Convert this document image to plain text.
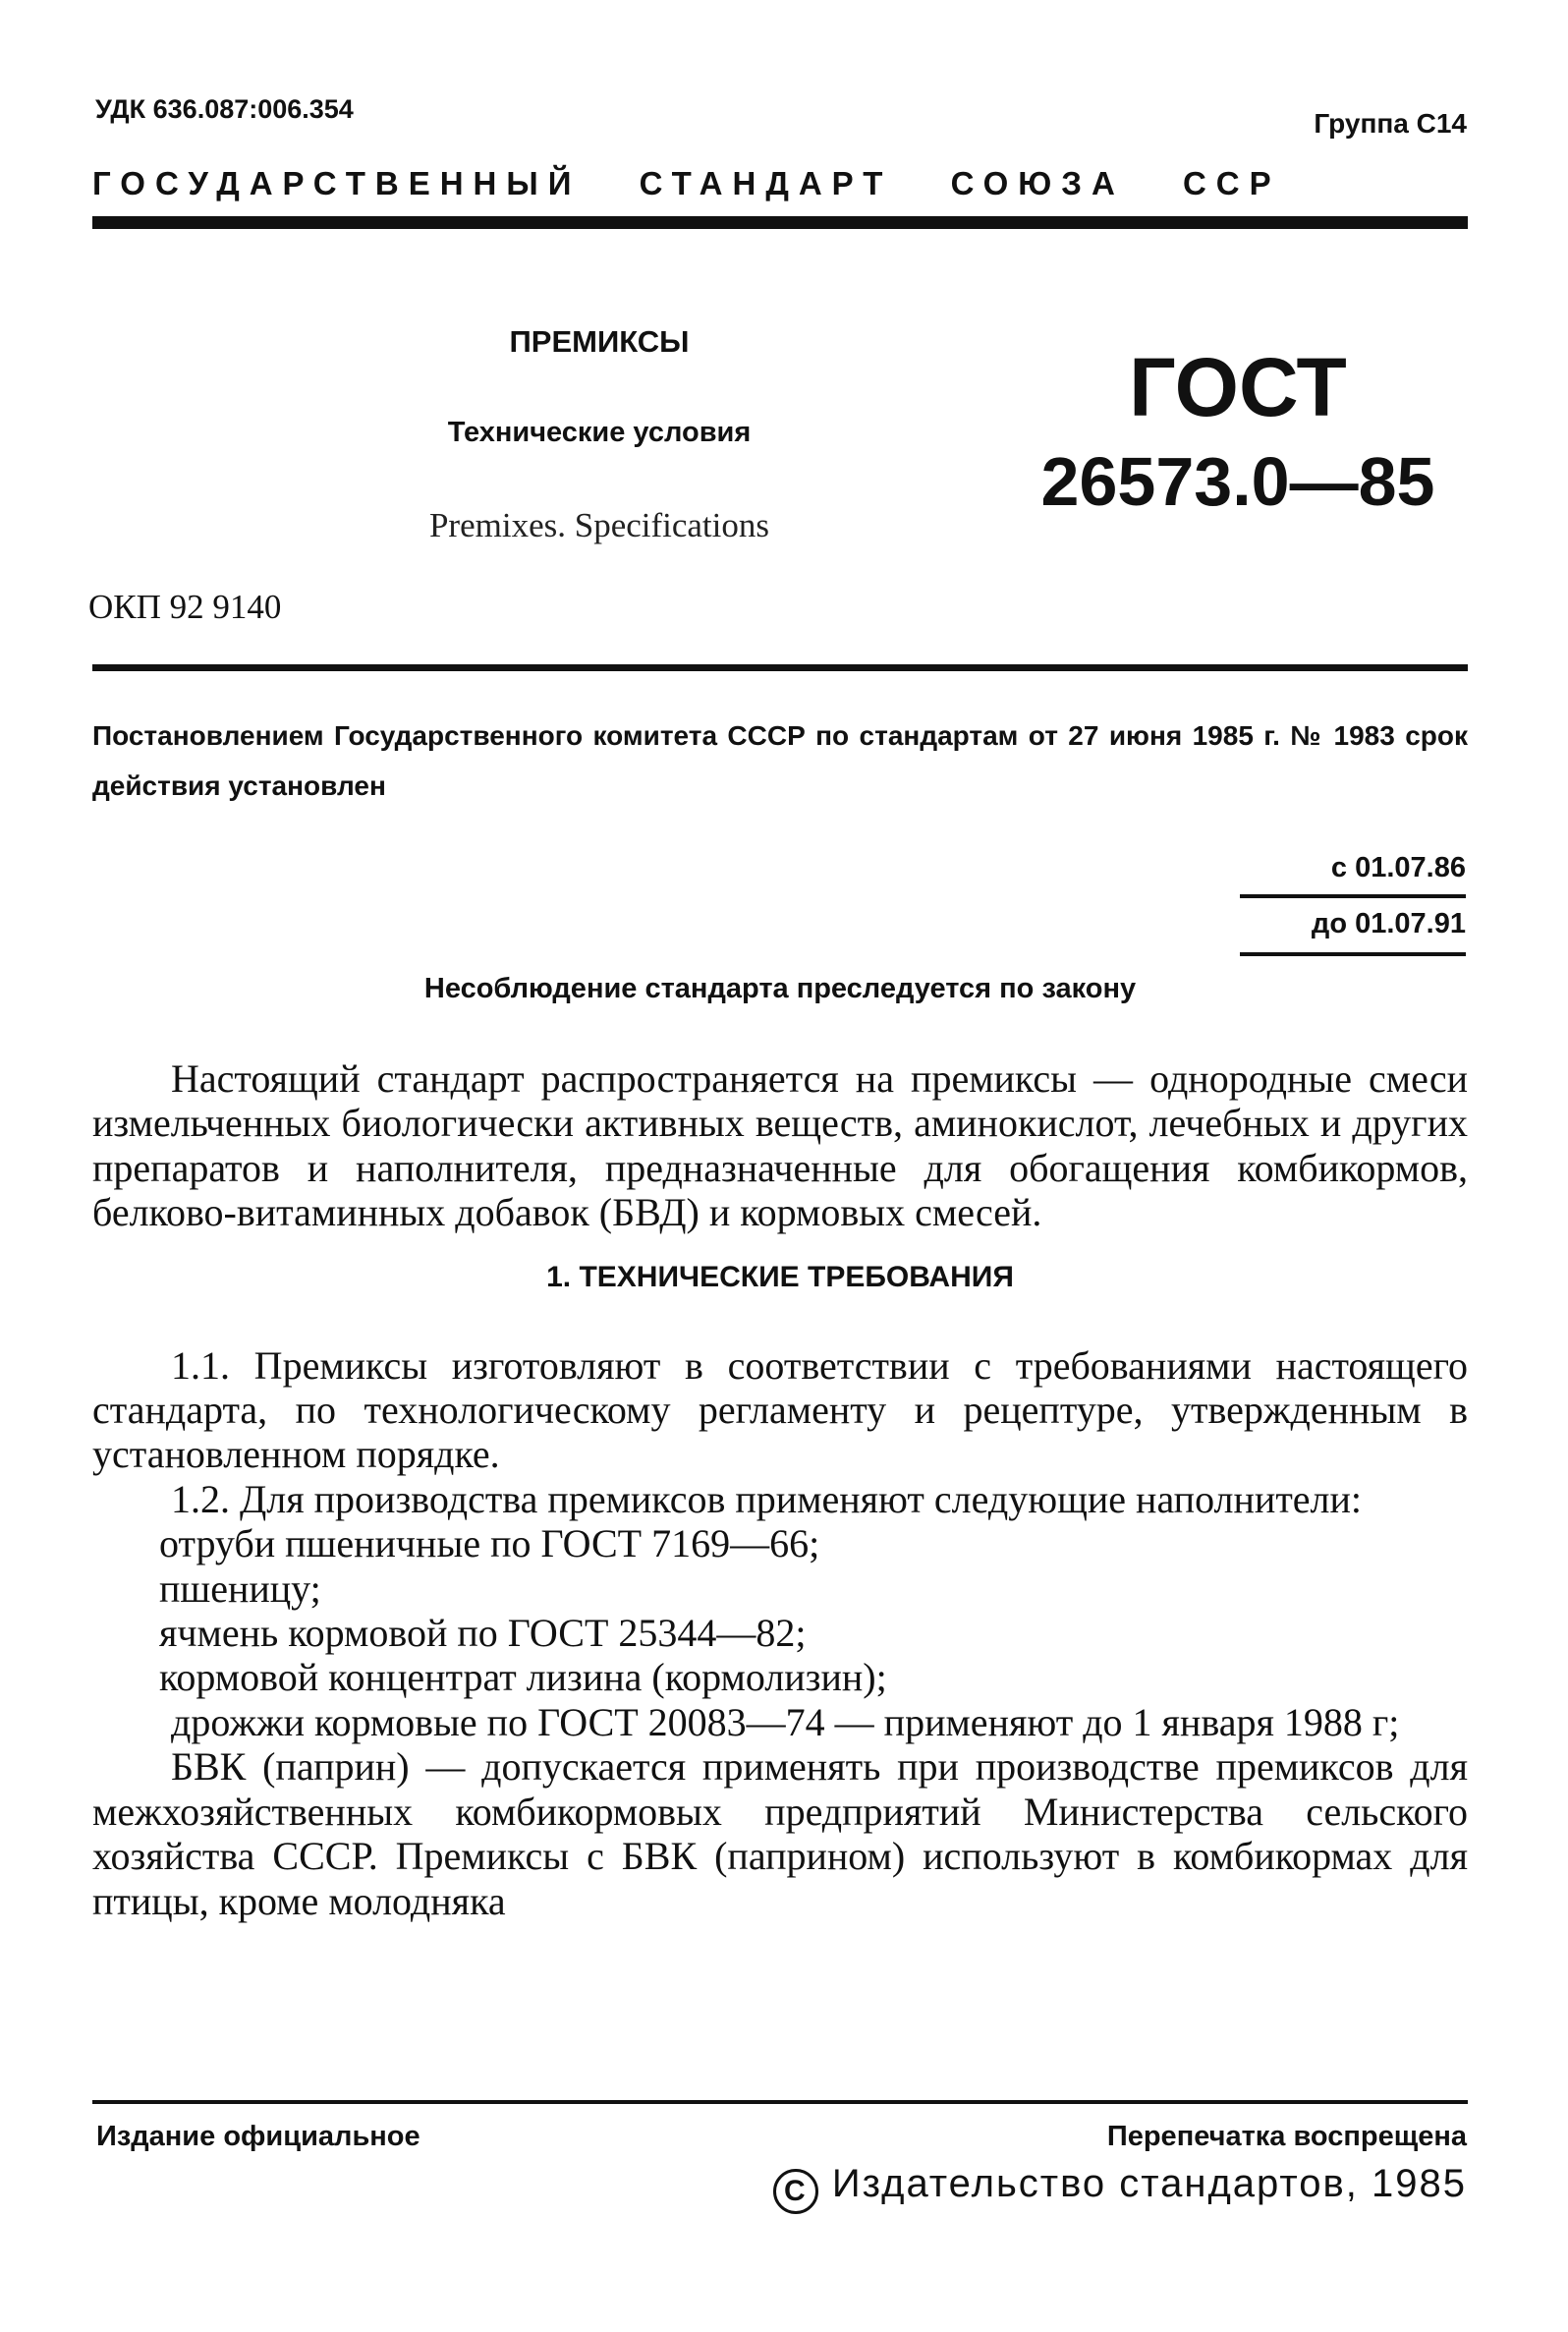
УДК 636.087:006.354	Группа С14
ГОСУДАРСТВЕННЫЙ СТАНДАРТ СОЮЗА ССР
ПРЕМИКСЫ
Технические условия
Premixes. Specifications
ГОСТ
26573.0—85
ОКП 92 9140
Постановлением Государственного комитета СССР по стандартам от 27 июня 1985 г. № 1983 срок действия установлен
с 01.07.86
до 01.07.91
Несоблюдение стандарта преследуется по закону

Настоящий стандарт распространяется на премиксы — однородные смеси измельченных биологически активных веществ, аминокислот, лечебных и других препаратов и наполнителя, предназначенные для обогащения комбикормов, белково-витаминных добавок (БВД) и кормовых смесей.

1. ТЕХНИЧЕСКИЕ ТРЕБОВАНИЯ

1.1. Премиксы изготовляют в соответствии с требованиями настоящего стандарта, по технологическому регламенту и рецептуре, утвержденным в установленном порядке.

1.2. Для производства премиксов применяют следующие наполнители:

отруби пшеничные по ГОСТ 7169—66;

пшеницу;

ячмень кормовой по ГОСТ 25344—82;

кормовой концентрат лизина (кормолизин);

дрожжи кормовые по ГОСТ 20083—74 — применяют до 1 января 1988 г;

БВК (паприн) — допускается применять при производстве премиксов для межхозяйственных комбикормовых предприятий Министерства сельского хозяйства СССР. Премиксы с БВК (паприном) используют в комбикормах для птицы, кроме молодняка

Издание официальное	Перепечатка воспрещена
С Издательство стандартов, 1985
